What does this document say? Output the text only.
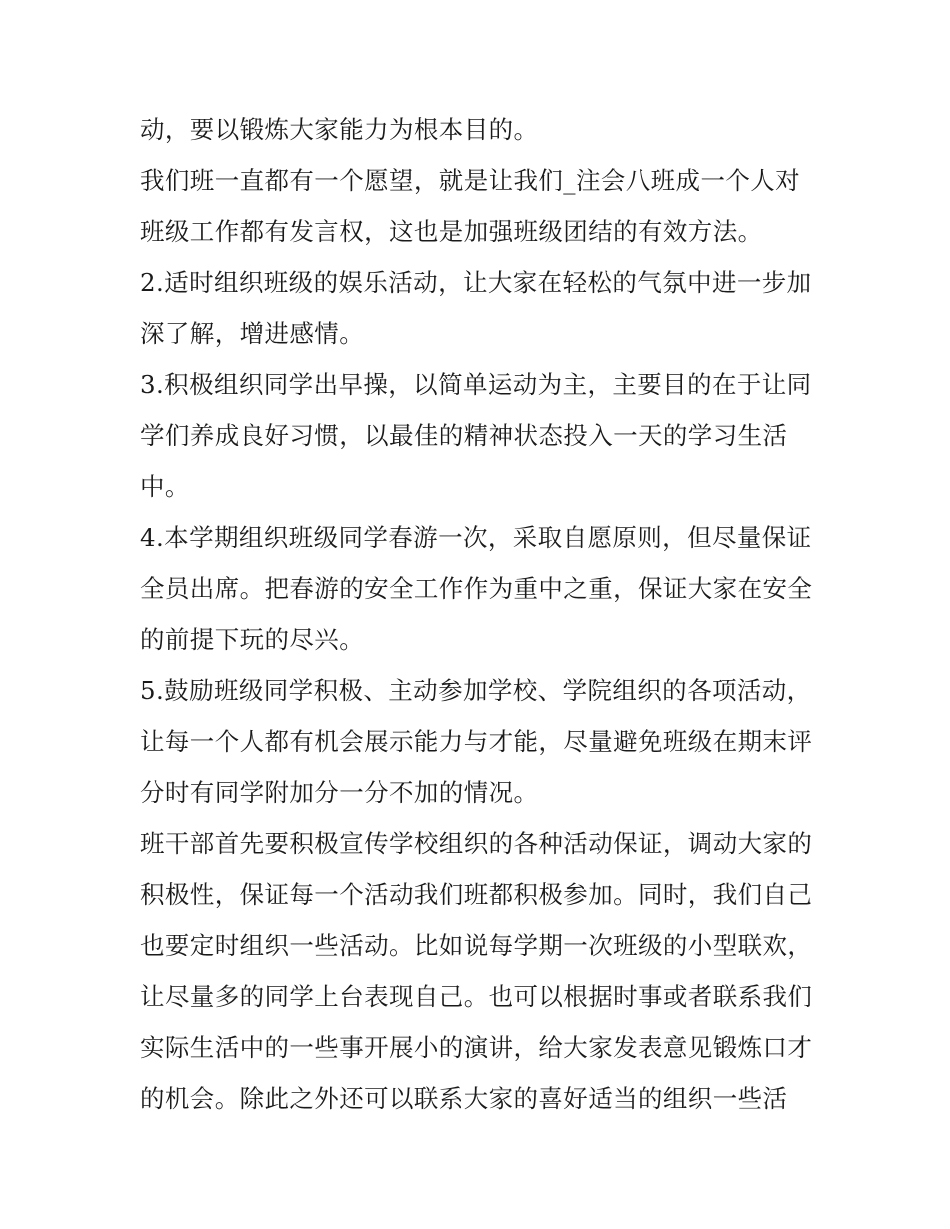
动，要以锻炼大家能力为根本目的。
我们班一直都有一个愿望，就是让我们_注会八班成一个人对
班级工作都有发言权，这也是加强班级团结的有效方法。
2.适时组织班级的娱乐活动，让大家在轻松的气氛中进一步加
深了解，增进感情。
3.积极组织同学出早操，以简单运动为主，主要目的在于让同
学们养成良好习惯，以最佳的精神状态投入一天的学习生活
中。
4.本学期组织班级同学春游一次，采取自愿原则，但尽量保证
全员出席。把春游的安全工作作为重中之重，保证大家在安全
的前提下玩的尽兴。
5.鼓励班级同学积极、主动参加学校、学院组织的各项活动，
让每一个人都有机会展示能力与才能，尽量避免班级在期末评
分时有同学附加分一分不加的情况。
班干部首先要积极宣传学校组织的各种活动保证，调动大家的
积极性，保证每一个活动我们班都积极参加。同时，我们自己
也要定时组织一些活动。比如说每学期一次班级的小型联欢，
让尽量多的同学上台表现自己。也可以根据时事或者联系我们
实际生活中的一些事开展小的演讲，给大家发表意见锻炼口才
的机会。除此之外还可以联系大家的喜好适当的组织一些活
